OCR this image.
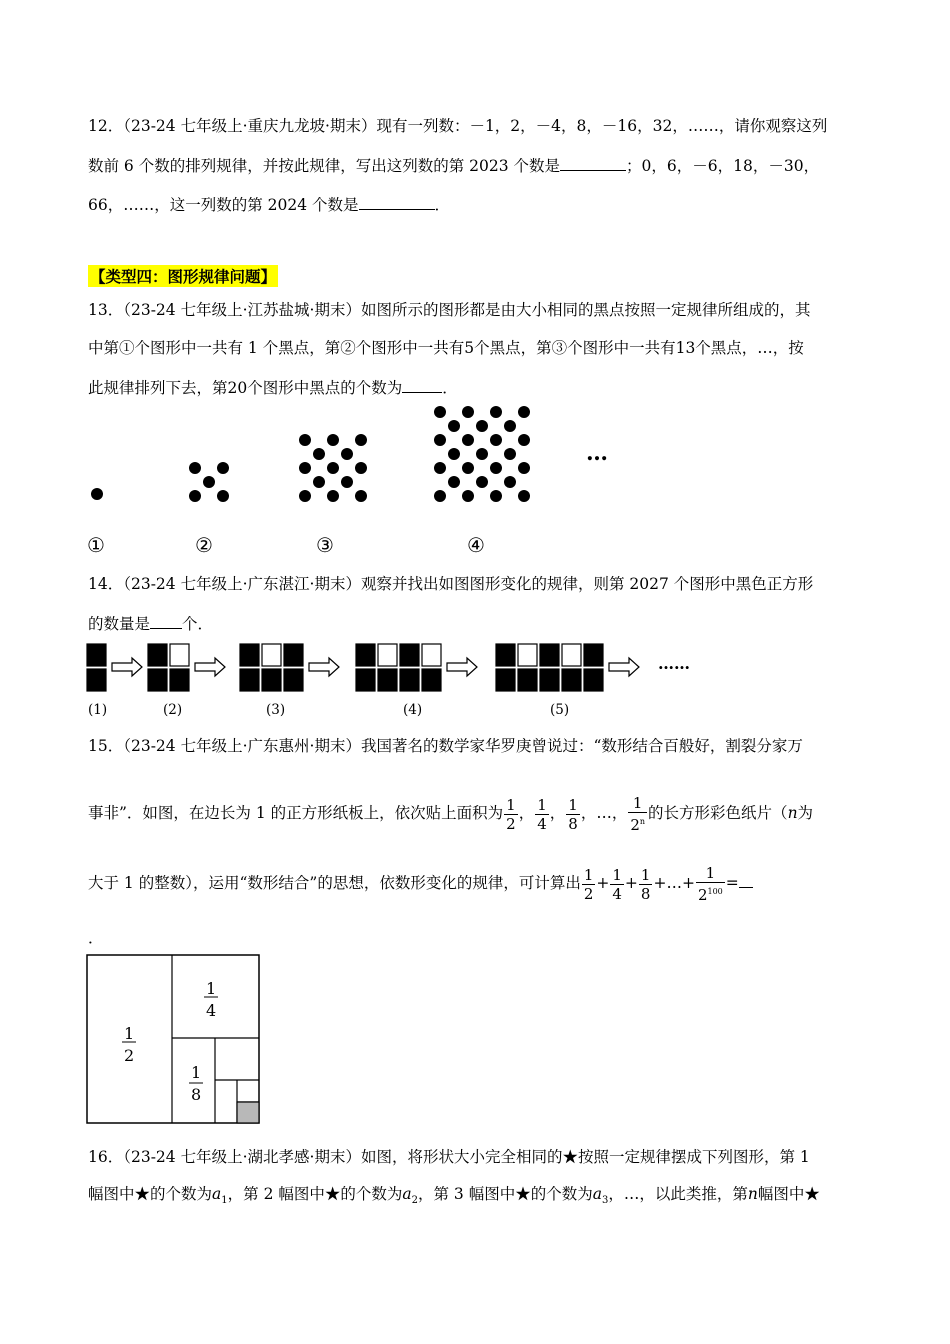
12．（23-24 七年级上·重庆九龙坡·期末）现有一列数：－1，2，－4，8，－16，32，……，请你观察这列
数前 6 个数的排列规律，并按此规律，写出这列数的第 2023 个数是	；0，6，－6，18，－30，
66，……，这一列数的第 2024 个数是	．
【类型四：图形规律问题】
13．（23-24 七年级上·江苏盐城·期末）如图所示的图形都是由大小相同的黑点按照一定规律所组成的，其
中第①个图形中一共有 1 个黑点，第②个图形中一共有5个黑点，第③个图形中一共有13个黑点，…，按
此规律排列下去，第20个图形中黑点的个数为	．
…
①	②	③	④
14．（23-24 七年级上·广东湛江·期末）观察并找出如图图形变化的规律，则第 2027 个图形中黑色正方形
的数量是 个．
……
(1)	(2)	(3)	(4)	(5)
15．（23-24 七年级上·广东惠州·期末）我国著名的数学家华罗庚曾说过：“数形结合百般好，割裂分家万
事非”．如图，在边长为 1 的正方形纸板上，依次贴上面积为 $\frac{1}{2}$ ， $\frac{1}{4}$ ， $\frac{1}{8}$ ，…， $\frac{1}{2^n}$ 的长方形彩色纸片（n为
大于 1 的整数），运用“数形结合”的思想，依数形变化的规律，可计算出 $\frac{1}{2} + \frac{1}{4} + \frac{1}{8}$ +…+ $\frac{1}{2^{100}}$ =
．
1
2
1
4
1
8
16．（23-24 七年级上·湖北孝感·期末）如图，将形状大小完全相同的★按照一定规律摆成下列图形，第 1
幅图中★的个数为$a_1$，第 2 幅图中★的个数为$a_2$，第 3 幅图中★的个数为$a_3$，…，以此类推，第n幅图中★
